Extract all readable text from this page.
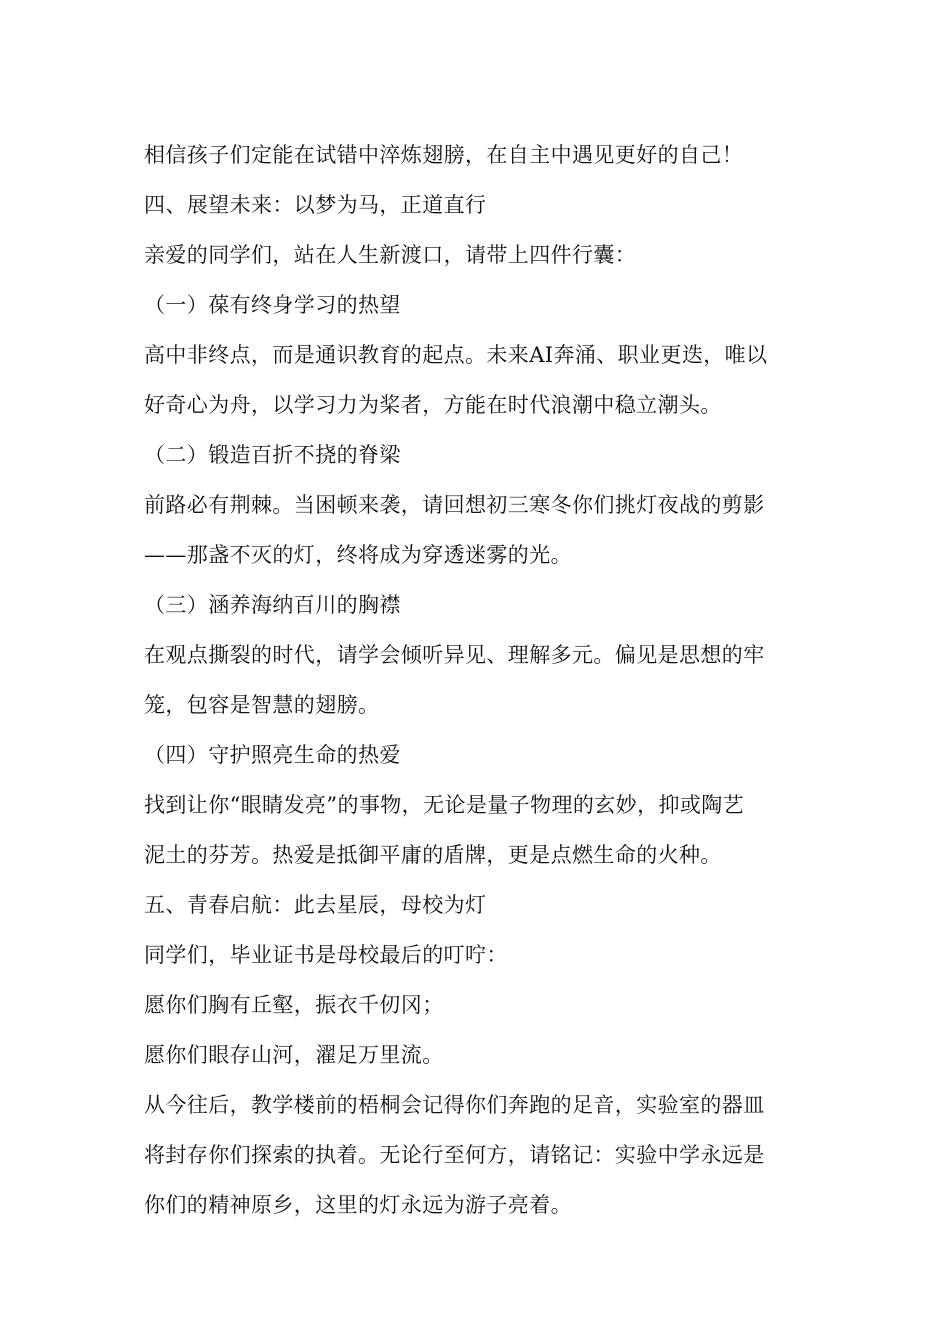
相信孩子们定能在试错中淬炼翅膀，在自主中遇见更好的自己！
四、展望未来：以梦为马，正道直行
亲爱的同学们，站在人生新渡口，请带上四件行囊：
（一）葆有终身学习的热望
高中非终点，而是通识教育的起点。未来AI奔涌、职业更迭，唯以
好奇心为舟，以学习力为桨者，方能在时代浪潮中稳立潮头。
（二）锻造百折不挠的脊梁
前路必有荆棘。当困顿来袭，请回想初三寒冬你们挑灯夜战的剪影
——那盏不灭的灯，终将成为穿透迷雾的光。
（三）涵养海纳百川的胸襟
在观点撕裂的时代，请学会倾听异见、理解多元。偏见是思想的牢
笼，包容是智慧的翅膀。
（四）守护照亮生命的热爱
找到让你“眼睛发亮”的事物，无论是量子物理的玄妙，抑或陶艺
泥土的芬芳。热爱是抵御平庸的盾牌，更是点燃生命的火种。
五、青春启航：此去星辰，母校为灯
同学们，毕业证书是母校最后的叮咛：
愿你们胸有丘壑，振衣千仞冈；
愿你们眼存山河，濯足万里流。
从今往后，教学楼前的梧桐会记得你们奔跑的足音，实验室的器皿
将封存你们探索的执着。无论行至何方，请铭记：实验中学永远是
你们的精神原乡，这里的灯永远为游子亮着。
